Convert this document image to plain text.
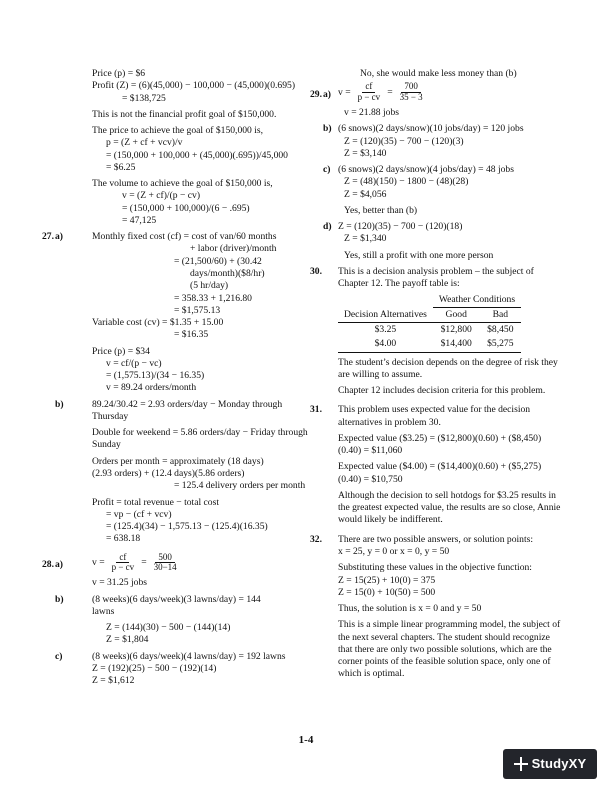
Price (p) = $6

Profit (Z) = (6)(45,000) − 100,000 − (45,000)(0.695)

= $138,725

This is not the financial profit goal of $150,000.

The price to achieve the goal of $150,000 is,

p = (Z + cf + vcv)/v

= (150,000 + 100,000 + (45,000)(.695))/45,000

= $6.25

The volume to achieve the goal of $150,000 is,

v = (Z + cf)/(p − cv)

= (150,000 + 100,000)/(6 − .695)

= 47,125

27. a)	Monthly fixed cost (cf) = cost of van/60 months

+ labor (driver)/month

= (21,500/60) + (30.42

days/month)($8/hr)

(5 hr/day)

= 358.33 + 1,216.80

= $1,575.13

Variable cost (cv) = $1.35 + 15.00

= $16.35

Price (p) = $34

v = cf/(p − vc)

= (1,575.13)/(34 − 16.35)

v = 89.24 orders/month

b)	89.24/30.42 = 2.93 orders/day − Monday through

Thursday

Double for weekend = 5.86 orders/day − Friday through Sunday

Orders per month = approximately (18 days)

(2.93 orders) + (12.4 days)(5.86 orders)

= 125.4 delivery orders per month

Profit = total revenue − total cost

= vp − (cf + vcv)

= (125.4)(34) − 1,575.13 − (125.4)(16.35)

= 638.18

28. a)	$v = \frac{cf}{p - cv} = \frac{500}{30-14}$

v = 31.25 jobs

b)	(8 weeks)(6 days/week)(3 lawns/day) = 144

lawns

Z = (144)(30) − 500 − (144)(14)

Z = $1,804

c)	(8 weeks)(6 days/week)(4 lawns/day) = 192 lawns

Z = (192)(25) − 500 − (192)(14)

Z = $1,612

No, she would make less money than (b)

29. a) $v = \frac{cf}{p - cv} = \frac{700}{35 - 3}$

v = 21.88 jobs

b) (6 snows)(2 days/snow)(10 jobs/day) = 120 jobs

Z = (120)(35) − 700 − (120)(3)

Z = $3,140

c) (6 snows)(2 days/snow)(4 jobs/day) = 48 jobs

Z = (48)(150) − 1800 − (48)(28)

Z = $4,056

Yes, better than (b)

d) Z = (120)(35) − 700 − (120)(18)

Z = $1,340

Yes, still a profit with one more person

30. This is a decision analysis problem – the subject of Chapter 12. The payoff table is:

	Weather Conditions	
Decision Alternatives	Good	Bad
$3.25	$12,800	$8,450
$4.00	$14,400	$5,275

The student’s decision depends on the degree of risk they are willing to assume.

Chapter 12 includes decision criteria for this problem.

31. This problem uses expected value for the decision alternatives in problem 30.

Expected value ($3.25) = ($12,800)(0.60) + ($8,450)(0.40) = $11,060

Expected value ($4.00) = ($14,400)(0.60) + ($5,275)(0.40) = $10,750

Although the decision to sell hotdogs for $3.25 results in the greatest expected value, the results are so close, Annie would likely be indifferent.

32. There are two possible answers, or solution points:

x = 25, y = 0 or x = 0, y = 50

Substituting these values in the objective function:

Z = 15(25) + 10(0) = 375

Z = 15(0) + 10(50) = 500

Thus, the solution is x = 0 and y = 50

This is a simple linear programming model, the subject of the next several chapters. The student should recognize that there are only two possible solutions, which are the corner points of the feasible solution space, only one of which is optimal.

1-4
StudyXY
